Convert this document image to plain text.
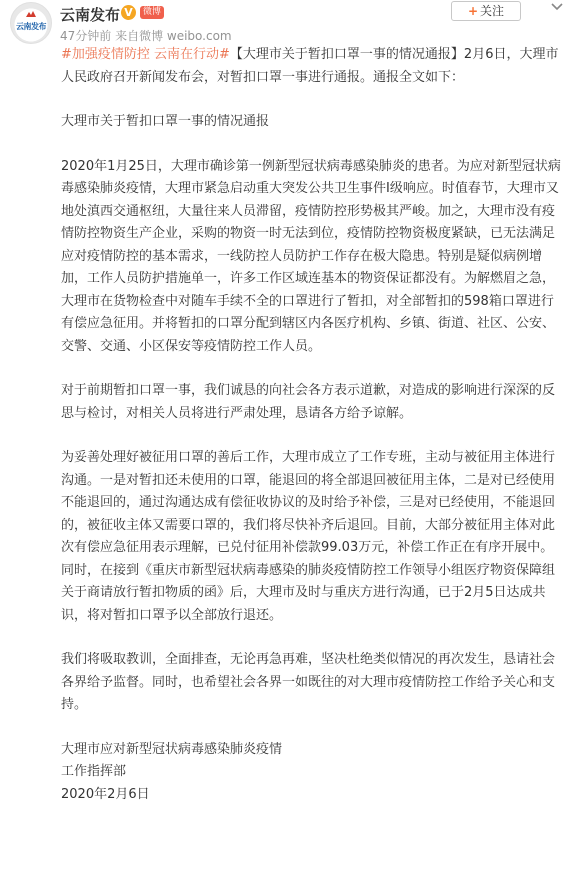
云南发布
云南发布 V	微博
47分钟前 来自微博 weibo.com
+ 关注

#加强疫情防控 云南在行动#【大理市关于暂扣口罩一事的情况通报】2月6日，大理市人民政府召开新闻发布会，对暂扣口罩一事进行通报。通报全文如下：

大理市关于暂扣口罩一事的情况通报

2020年1月25日，大理市确诊第一例新型冠状病毒感染肺炎的患者。为应对新型冠状病毒感染肺炎疫情，大理市紧急启动重大突发公共卫生事件I级响应。时值春节，大理市又地处滇西交通枢纽，大量往来人员滞留，疫情防控形势极其严峻。加之，大理市没有疫情防控物资生产企业，采购的物资一时无法到位，疫情防控物资极度紧缺，已无法满足应对疫情防控的基本需求，一线防控人员防护工作存在极大隐患。特别是疑似病例增加，工作人员防护措施单一，许多工作区域连基本的物资保证都没有。为解燃眉之急，大理市在货物检查中对随车手续不全的口罩进行了暂扣，对全部暂扣的598箱口罩进行有偿应急征用。并将暂扣的口罩分配到辖区内各医疗机构、乡镇、街道、社区、公安、交警、交通、小区保安等疫情防控工作人员。

对于前期暂扣口罩一事，我们诚恳的向社会各方表示道歉，对造成的影响进行深深的反思与检讨，对相关人员将进行严肃处理，恳请各方给予谅解。

为妥善处理好被征用口罩的善后工作，大理市成立了工作专班，主动与被征用主体进行沟通。一是对暂扣还未使用的口罩，能退回的将全部退回被征用主体，二是对已经使用不能退回的，通过沟通达成有偿征收协议的及时给予补偿，三是对已经使用，不能退回的，被征收主体又需要口罩的，我们将尽快补齐后退回。目前，大部分被征用主体对此次有偿应急征用表示理解，已兑付征用补偿款99.03万元，补偿工作正在有序开展中。同时，在接到《重庆市新型冠状病毒感染的肺炎疫情防控工作领导小组医疗物资保障组关于商请放行暂扣物质的函》后，大理市及时与重庆方进行沟通，已于2月5日达成共识，将对暂扣口罩予以全部放行退还。

我们将吸取教训，全面排查，无论再急再难，坚决杜绝类似情况的再次发生，恳请社会各界给予监督。同时，也希望社会各界一如既往的对大理市疫情防控工作给予关心和支持。

大理市应对新型冠状病毒感染肺炎疫情

工作指挥部

2020年2月6日
